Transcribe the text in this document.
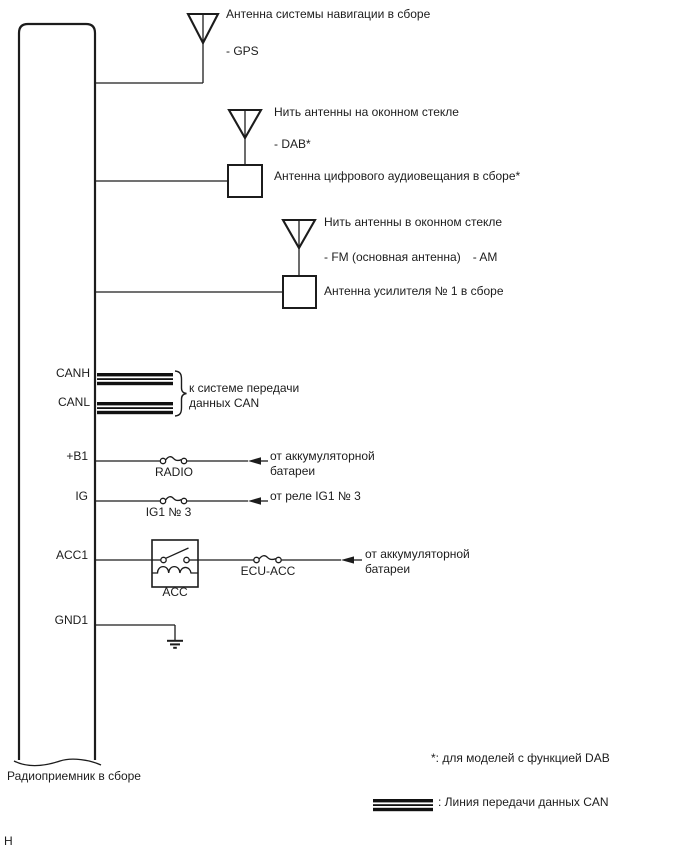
Антенна системы навигации в сборе
- GPS
Нить антенны на оконном стекле
- DAB*
Антенна цифрового аудиовещания в сборе*
Нить антенны в оконном стекле
- FM (основная антенна) - AM
Антенна усилителя № 1 в сборе
CANH
CANL
к системе передачи
данных CAN
+B1
RADIO
от аккумуляторной
батареи
IG
IG1 № 3
от реле IG1 № 3
ACC1
ACC
ECU-ACC
от аккумуляторной
батареи
GND1
Радиоприемник в сборе
*: для моделей с функцией DAB
: Линия передачи данных CAN
Н
